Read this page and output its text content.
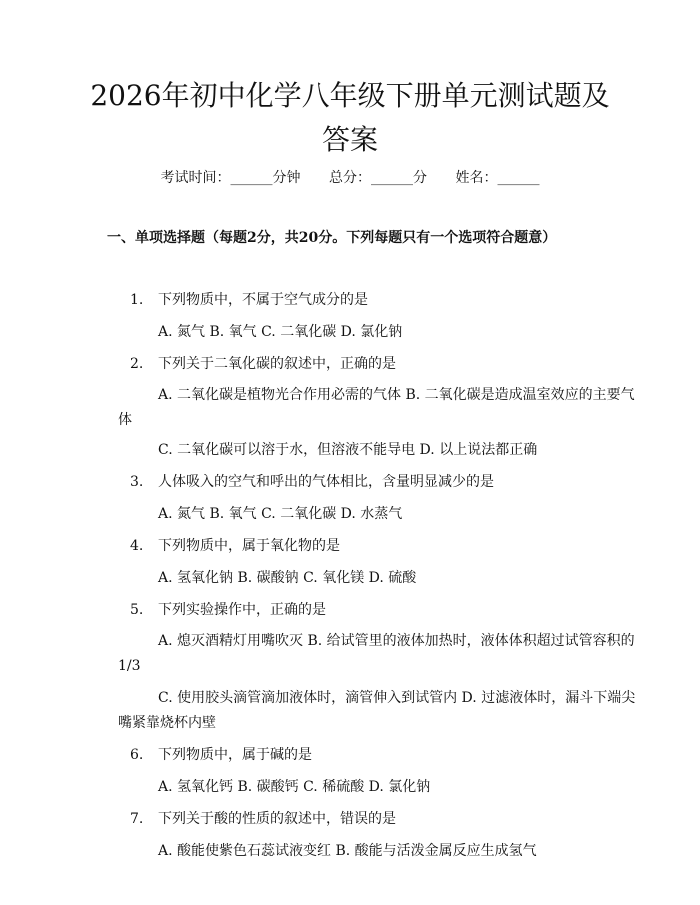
2026年初中化学八年级下册单元测试题及答案
考试时间：______分钟 总分：______分 姓名：______
一、单项选择题（每题2分，共20分。下列每题只有一个选项符合题意）
1. 下列物质中，不属于空气成分的是
A. 氮气 B. 氧气 C. 二氧化碳 D. 氯化钠
2. 下列关于二氧化碳的叙述中，正确的是
A. 二氧化碳是植物光合作用必需的气体 B. 二氧化碳是造成温室效应的主要气体
C. 二氧化碳可以溶于水，但溶液不能导电 D. 以上说法都正确
3. 人体吸入的空气和呼出的气体相比，含量明显减少的是
A. 氮气 B. 氧气 C. 二氧化碳 D. 水蒸气
4. 下列物质中，属于氧化物的是
A. 氢氧化钠 B. 碳酸钠 C. 氧化镁 D. 硫酸
5. 下列实验操作中，正确的是
A. 熄灭酒精灯用嘴吹灭 B. 给试管里的液体加热时，液体体积超过试管容积的1/3
C. 使用胶头滴管滴加液体时，滴管伸入到试管内 D. 过滤液体时，漏斗下端尖嘴紧靠烧杯内壁
6. 下列物质中，属于碱的是
A. 氢氧化钙 B. 碳酸钙 C. 稀硫酸 D. 氯化钠
7. 下列关于酸的性质的叙述中，错误的是
A. 酸能使紫色石蕊试液变红 B. 酸能与活泼金属反应生成氢气
